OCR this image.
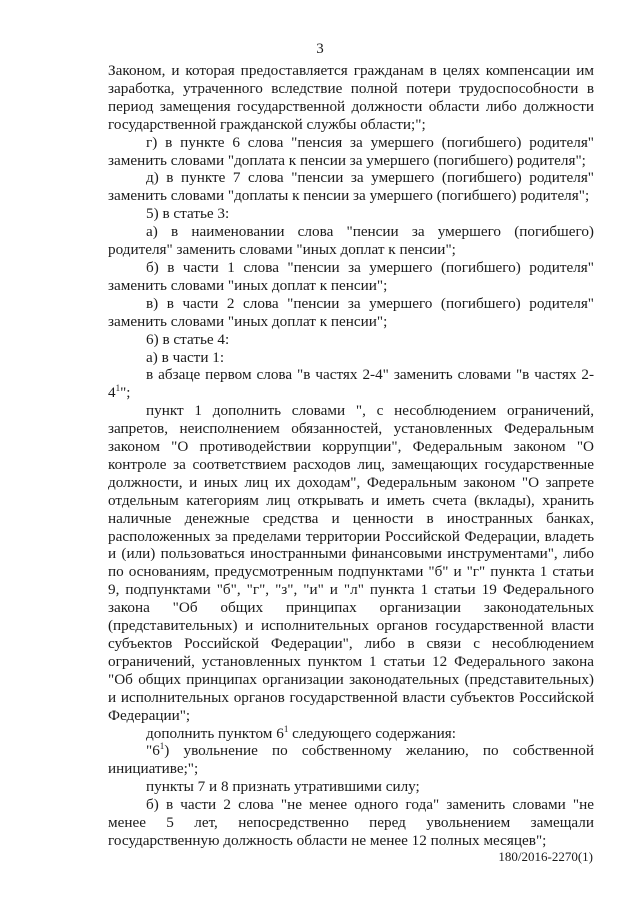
3

Законом, и которая предоставляется гражданам в целях компенсации им заработка, утраченного вследствие полной потери трудоспособности в период замещения государственной должности области либо должности государственной гражданской службы области;";

г) в пункте 6 слова "пенсия за умершего (погибшего) родителя" заменить словами "доплата к пенсии за умершего (погибшего) родителя";

д) в пункте 7 слова "пенсии за умершего (погибшего) родителя" заменить словами "доплаты к пенсии за умершего (погибшего) родителя";

5) в статье 3:

а) в наименовании слова "пенсии за умершего (погибшего) родителя" заменить словами "иных доплат к пенсии";

б) в части 1 слова "пенсии за умершего (погибшего) родителя" заменить словами "иных доплат к пенсии";

в) в части 2 слова "пенсии за умершего (погибшего) родителя" заменить словами "иных доплат к пенсии";

6) в статье 4:

а) в части 1:

в абзаце первом слова "в частях 2-4" заменить словами "в частях $2-4^1$";

пункт 1 дополнить словами ", с несоблюдением ограничений, запретов, неисполнением обязанностей, установленных Федеральным законом "О противодействии коррупции", Федеральным законом "О контроле за соответствием расходов лиц, замещающих государственные должности, и иных лиц их доходам", Федеральным законом "О запрете отдельным категориям лиц открывать и иметь счета (вклады), хранить наличные денежные средства и ценности в иностранных банках, расположенных за пределами территории Российской Федерации, владеть и (или) пользоваться иностранными финансовыми инструментами", либо по основаниям, предусмотренным подпунктами "б" и "г" пункта 1 статьи 9, подпунктами "б", "г", "з", "и" и "л" пункта 1 статьи 19 Федерального закона "Об общих принципах организации законодательных (представительных) и исполнительных органов государственной власти субъектов Российской Федерации", либо в связи с несоблюдением ограничений, установленных пунктом 1 статьи 12 Федерального закона "Об общих принципах организации законодательных (представительных) и исполнительных органов государственной власти субъектов Российской Федерации";

дополнить пунктом $6^1$ следующего содержания:

"$6^1$) увольнение по собственному желанию, по собственной инициативе;";

пункты 7 и 8 признать утратившими силу;

б) в части 2 слова "не менее одного года" заменить словами "не менее 5 лет, непосредственно перед увольнением замещали государственную должность области не менее 12 полных месяцев";

180/2016-2270(1)
